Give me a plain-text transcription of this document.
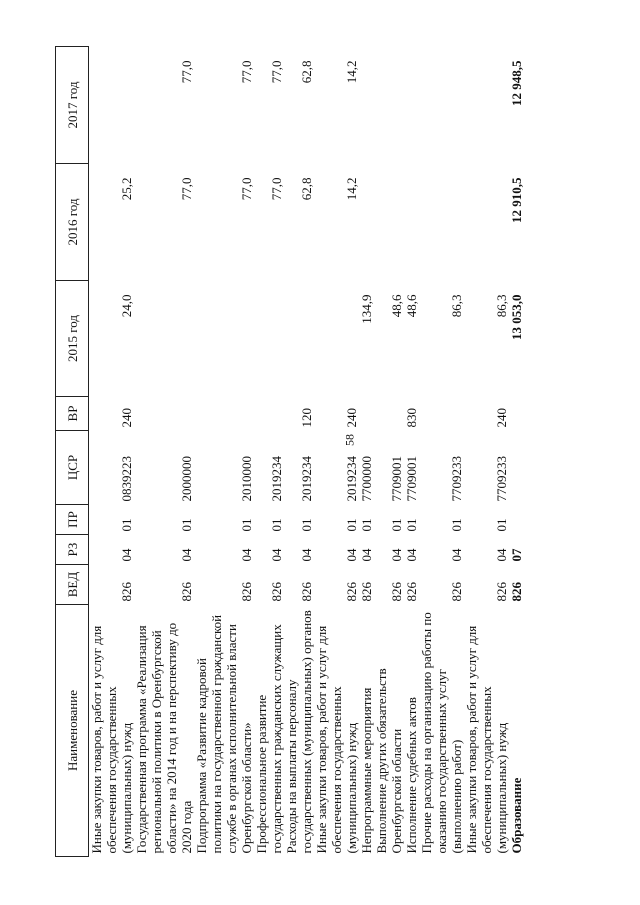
58
Наименование	ВЕД	РЗ	ПР	ЦСР	ВР	2015 год	2016 год	2017 год
Иные закупки товаров, работ и услуг для обеспечения государственных (муниципальных) нужд	826	04	01	0839223	240	24,0	25,2	
Государственная программа «Реализация региональной политики в Оренбургской области» на 2014 год и на перспективу до 2020 года	826	04	01	2000000			77,0	77,0
Подпрограмма «Развитие кадровой политики на государственной гражданской службе в органах исполнительной власти Оренбургской области»	826	04	01	2010000			77,0	77,0
Профессиональное развитие государственных гражданских служащих	826	04	01	2019234			77,0	77,0
Расходы на выплаты персоналу государственных (муниципальных) органов	826	04	01	2019234	120		62,8	62,8
Иные закупки товаров, работ и услуг для обеспечения государственных (муниципальных) нужд	826	04	01	2019234	240		14,2	14,2
Непрограммные мероприятия	826	04	01	7700000		134,9		
Выполнение других обязательств Оренбургской области	826	04	01	7709001		48,6		
Исполнение судебных актов	826	04	01	7709001	830	48,6		
Прочие расходы на организацию работы по оказанию государственных услуг (выполнению работ)	826	04	01	7709233		86,3		
Иные закупки товаров, работ и услуг для обеспечения государственных (муниципальных) нужд	826	04	01	7709233	240	86,3		
Образование	826	07				13 053,0	12 910,5	12 948,5
